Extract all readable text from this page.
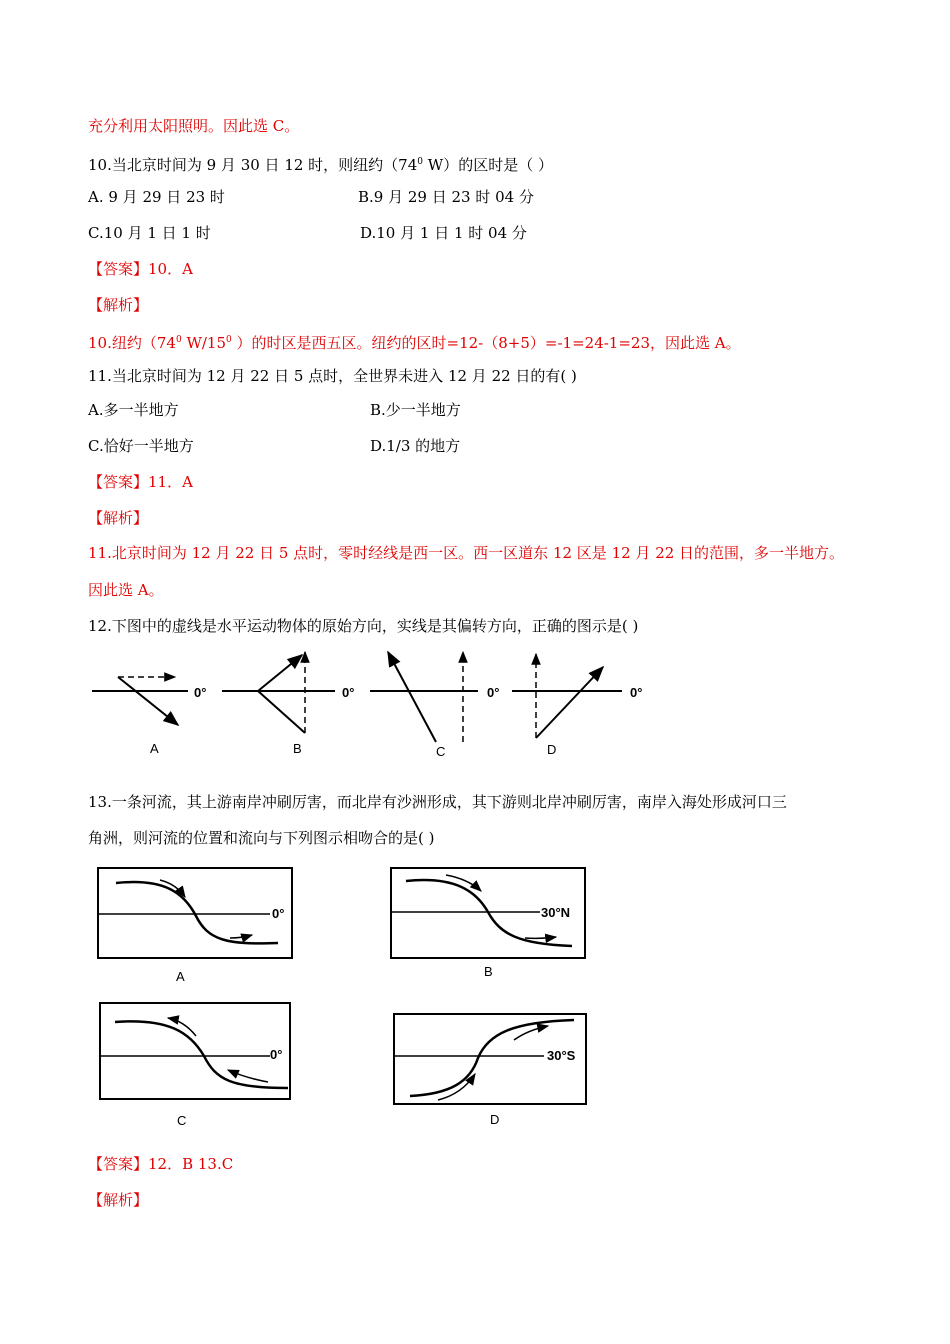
充分利用太阳照明。因此选 C。
10.当北京时间为 9 月 30 日 12 时，则纽约（$74^0$ W）的区时是（ ）
A. 9 月 29 日 23 时	B.9 月 29 日 23 时 04 分
C.10 月 1 日 1 时	D.10 月 1 日 1 时 04 分
【答案】10．A
【解析】
10.纽约（$74^0$ $W/15^0$ ）的时区是西五区。纽约的区时=12-（8+5）=-1=24-1=23，因此选 A。
11.当北京时间为 12 月 22 日 5 点时，全世界未进入 12 月 22 日的有( )
A.多一半地方	B.少一半地方
C.恰好一半地方	D.1/3 的地方
【答案】11．A
【解析】
11.北京时间为 12 月 22 日 5 点时，零时经线是西一区。西一区道东 12 区是 12 月 22 日的范围，多一半地方。
因此选 A。
12.下图中的虚线是水平运动物体的原始方向，实线是其偏转方向，正确的图示是( )
0°
A
0°
B
0°
C
0°
D
0°
A
30°N
B
0°
C
30°S
D
13.一条河流，其上游南岸冲刷厉害，而北岸有沙洲形成，其下游则北岸冲刷厉害，南岸入海处形成河口三
角洲，则河流的位置和流向与下列图示相吻合的是( )
【答案】12．B 13.C
【解析】
